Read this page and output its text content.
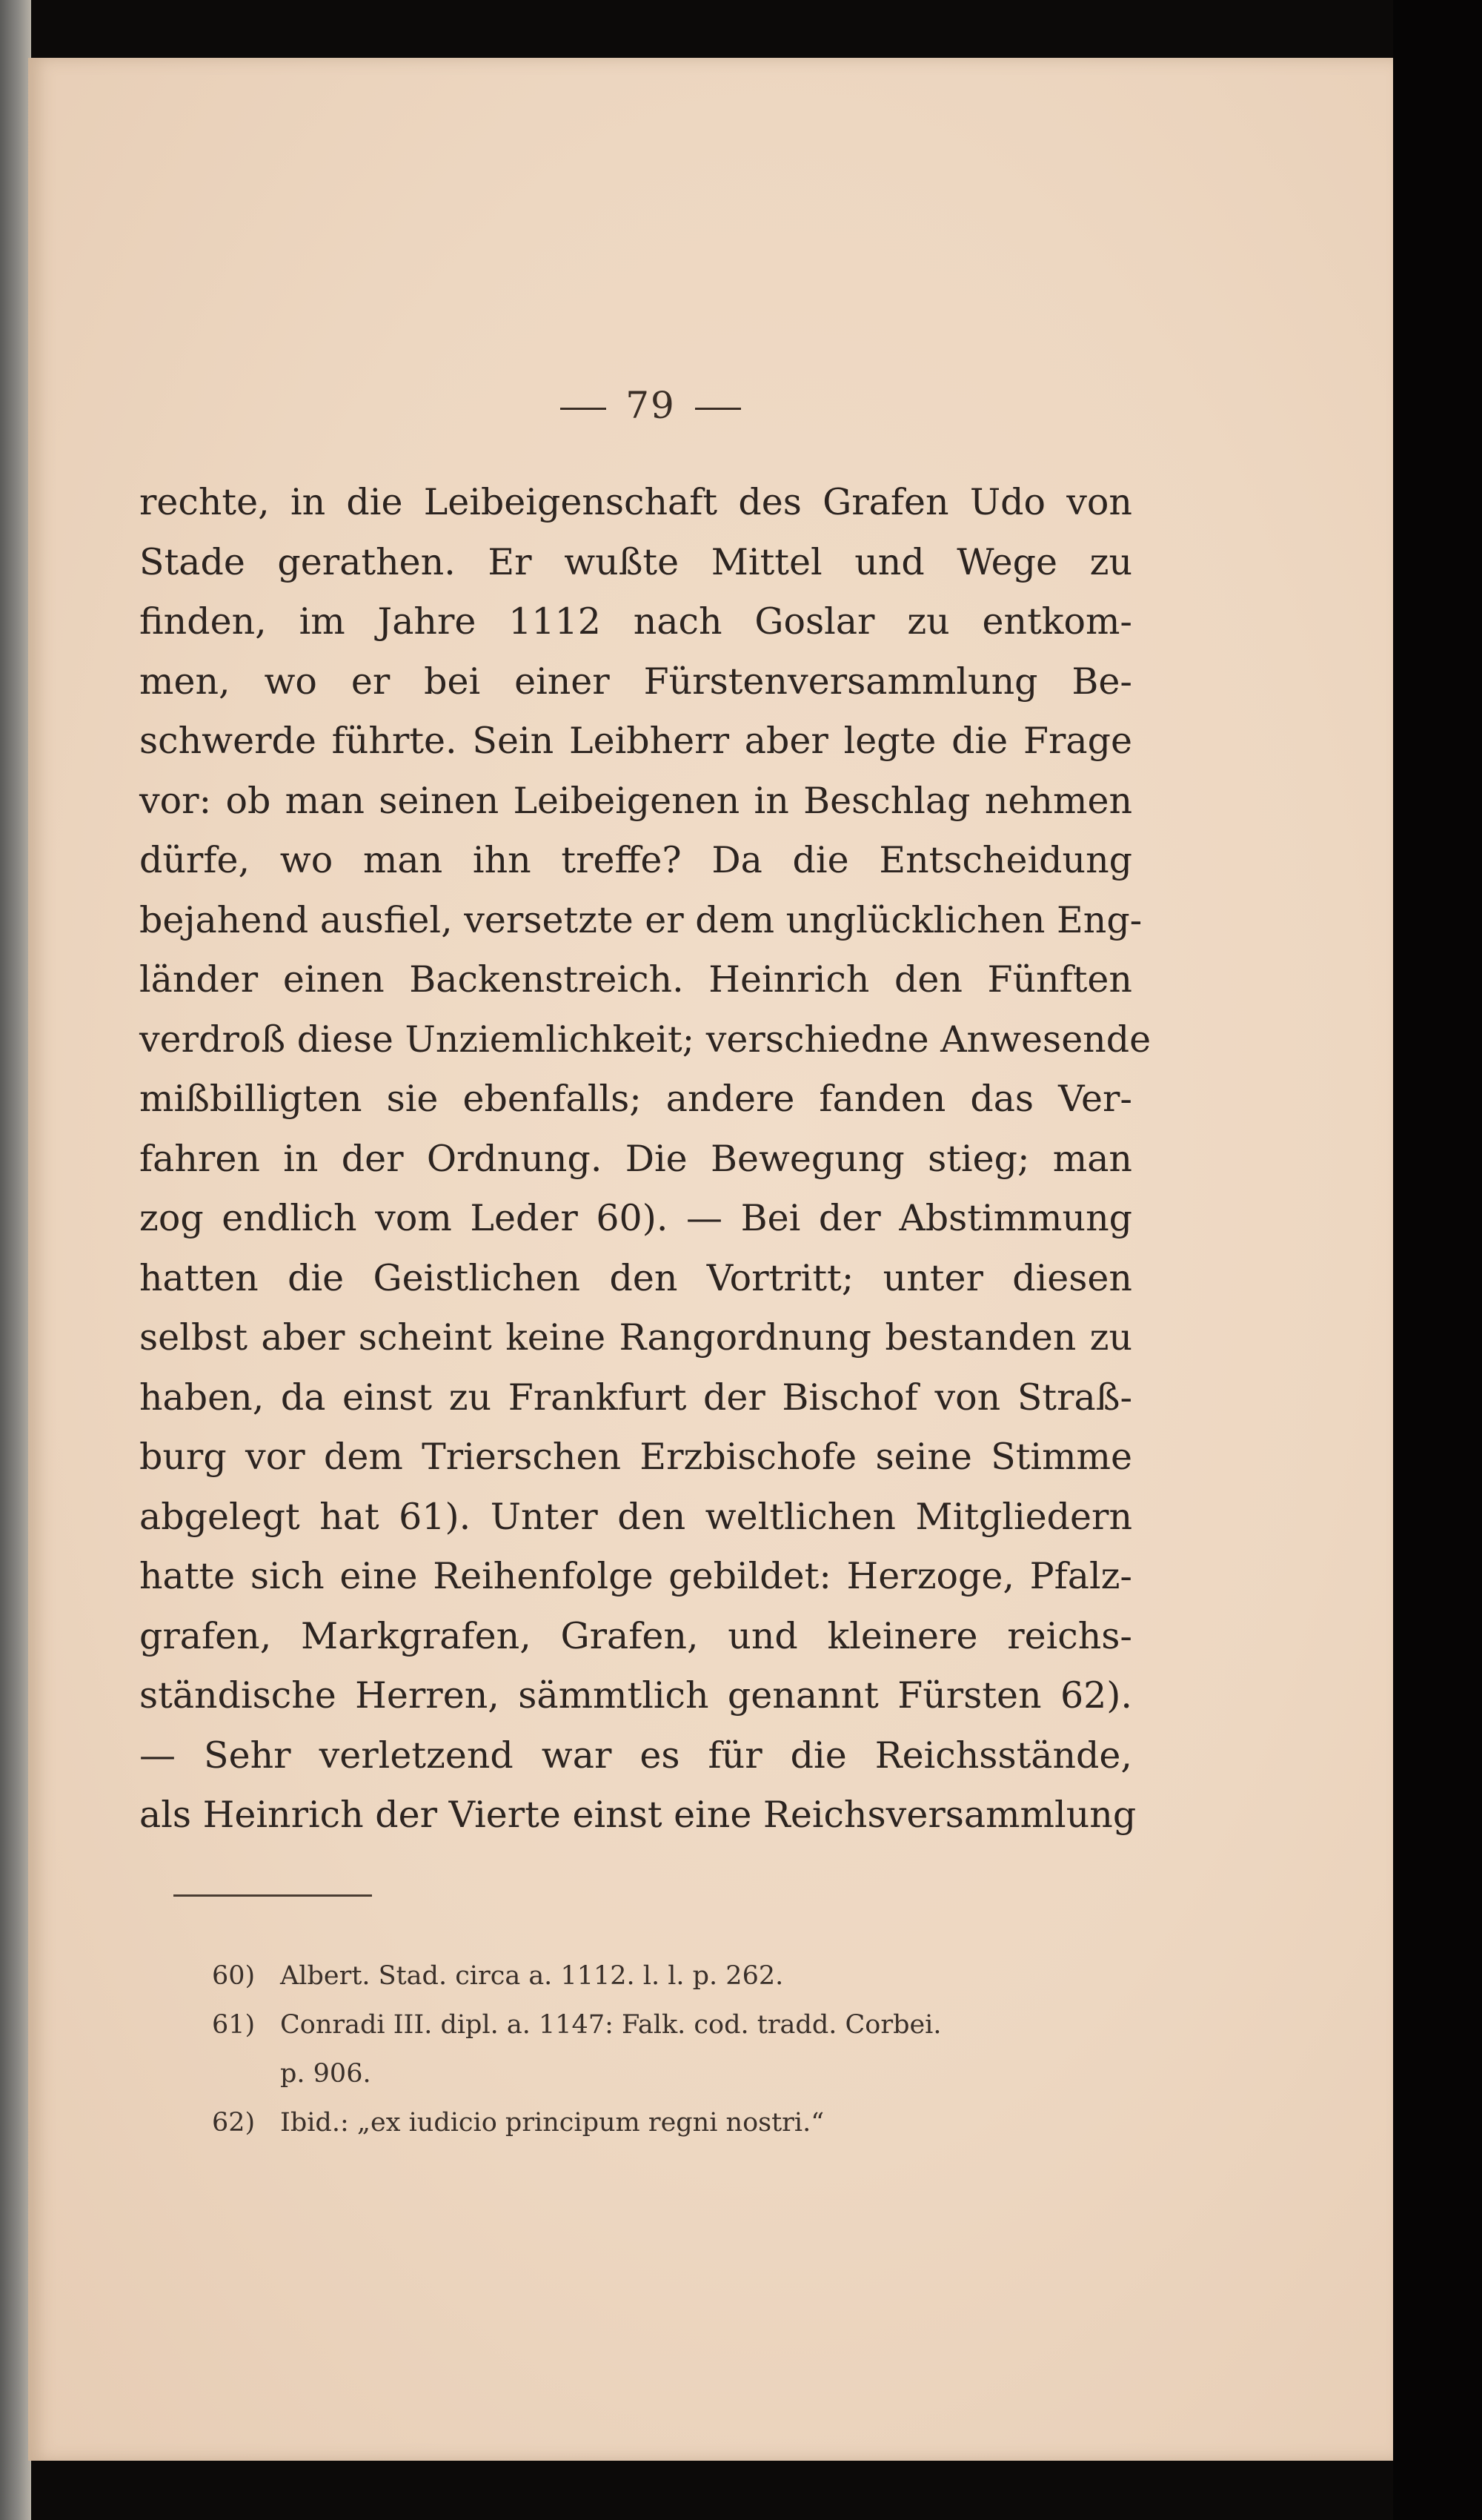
79
rechte, in die Leibeigenschaft des Grafen Udo von
Stade gerathen. Er wußte Mittel und Wege zu
finden, im Jahre 1112 nach Goslar zu entkom-
men, wo er bei einer Fürstenversammlung Be-
schwerde führte. Sein Leibherr aber legte die Frage
vor: ob man seinen Leibeigenen in Beschlag nehmen
dürfe, wo man ihn treffe? Da die Entscheidung
bejahend ausfiel, versetzte er dem unglücklichen Eng-
länder einen Backenstreich. Heinrich den Fünften
verdroß diese Unziemlichkeit; verschiedne Anwesende
mißbilligten sie ebenfalls; andere fanden das Ver-
fahren in der Ordnung. Die Bewegung stieg; man
zog endlich vom Leder 60). — Bei der Abstimmung
hatten die Geistlichen den Vortritt; unter diesen
selbst aber scheint keine Rangordnung bestanden zu
haben, da einst zu Frankfurt der Bischof von Straß-
burg vor dem Trierschen Erzbischofe seine Stimme
abgelegt hat 61). Unter den weltlichen Mitgliedern
hatte sich eine Reihenfolge gebildet: Herzoge, Pfalz-
grafen, Markgrafen, Grafen, und kleinere reichs-
ständische Herren, sämmtlich genannt Fürsten 62).
— Sehr verletzend war es für die Reichsstände,
als Heinrich der Vierte einst eine Reichsversammlung
60) Albert. Stad. circa a. 1112. l. l. p. 262.
61) Conradi III. dipl. a. 1147: Falk. cod. tradd. Corbei.
p. 906.
62) Ibid.: „ex iudicio principum regni nostri.“
